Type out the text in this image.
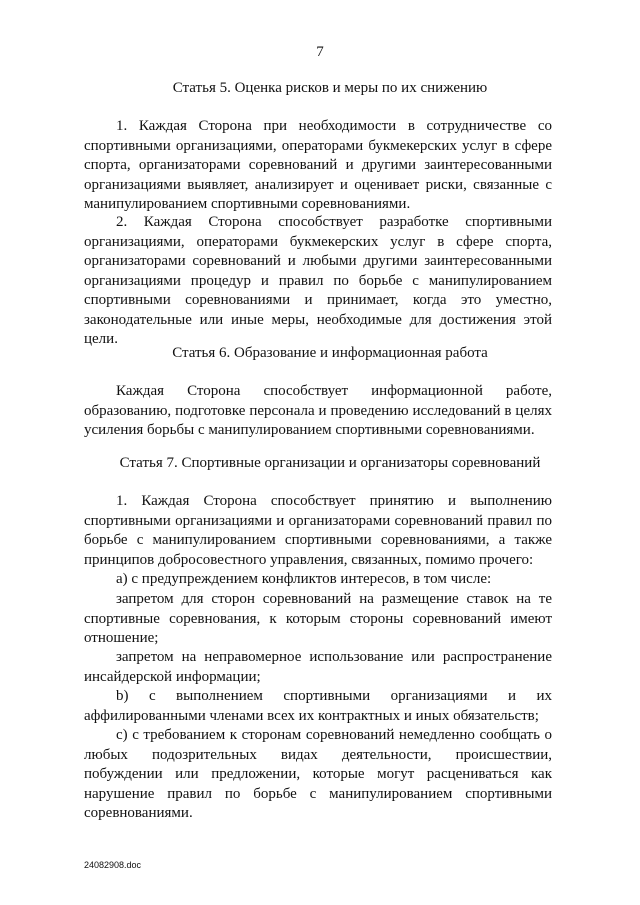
7
Статья 5. Оценка рисков и меры по их снижению
1. Каждая Сторона при необходимости в сотрудничестве со спортивными организациями, операторами букмекерских услуг в сфере спорта, организаторами соревнований и другими заинтересованными организациями выявляет, анализирует и оценивает риски, связанные с манипулированием спортивными соревнованиями.
2. Каждая Сторона способствует разработке спортивными организациями, операторами букмекерских услуг в сфере спорта, организаторами соревнований и любыми другими заинтересованными организациями процедур и правил по борьбе с манипулированием спортивными соревнованиями и принимает, когда это уместно, законодательные или иные меры, необходимые для достижения этой цели.
Статья 6. Образование и информационная работа
Каждая Сторона способствует информационной работе, образованию, подготовке персонала и проведению исследований в целях усиления борьбы с манипулированием спортивными соревнованиями.
Статья 7. Спортивные организации и организаторы соревнований
1. Каждая Сторона способствует принятию и выполнению спортивными организациями и организаторами соревнований правил по борьбе с манипулированием спортивными соревнованиями, а также принципов добросовестного управления, связанных, помимо прочего:
а) с предупреждением конфликтов интересов, в том числе:
запретом для сторон соревнований на размещение ставок на те спортивные соревнования, к которым стороны соревнований имеют отношение;
запретом на неправомерное использование или распространение инсайдерской информации;
b) с выполнением спортивными организациями и их аффилированными членами всех их контрактных и иных обязательств;
с) с требованием к сторонам соревнований немедленно сообщать о любых подозрительных видах деятельности, происшествии, побуждении или предложении, которые могут расцениваться как нарушение правил по борьбе с манипулированием спортивными соревнованиями.
24082908.doc
